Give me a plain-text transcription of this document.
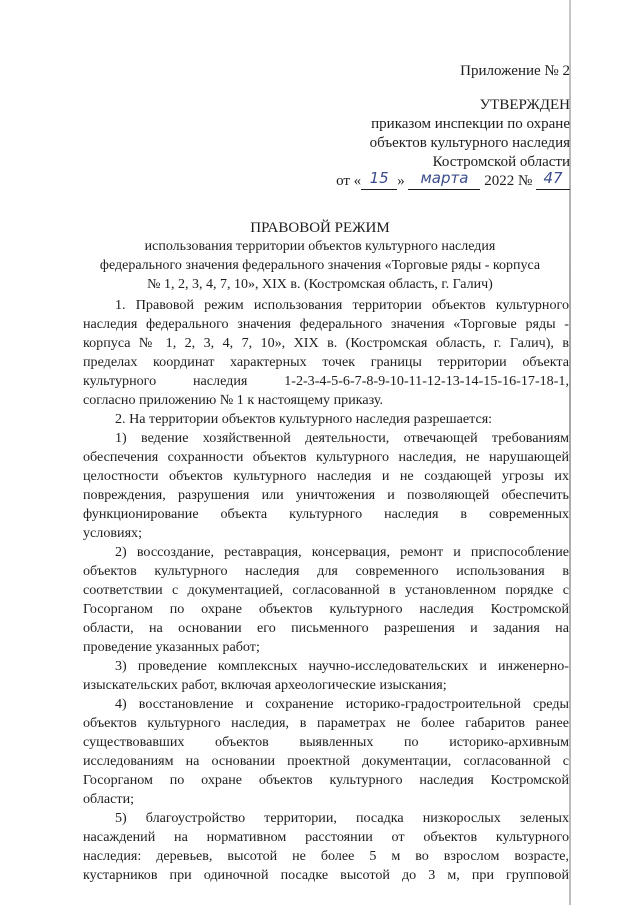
Приложение № 2
УТВЕРЖДЕН
приказом инспекции по охране
объектов культурного наследия
Костромской области
от « 15 » марта 2022 № 47
ПРАВОВОЙ РЕЖИМ
использования территории объектов культурного наследия
федерального значения федерального значения «Торговые ряды - корпуса
№ 1, 2, 3, 4, 7, 10», XIX в. (Костромская область, г. Галич)
1. Правовой режим использования территории объектов культурного
наследия федерального значения федерального значения «Торговые ряды -
корпуса № 1, 2, 3, 4, 7, 10», XIX в. (Костромская область, г. Галич), в
пределах координат характерных точек границы территории объекта
культурного наследия 1-2-3-4-5-6-7-8-9-10-11-12-13-14-15-16-17-18-1,
согласно приложению № 1 к настоящему приказу.
2. На территории объектов культурного наследия разрешается:
1) ведение хозяйственной деятельности, отвечающей требованиям
обеспечения сохранности объектов культурного наследия, не нарушающей
целостности объектов культурного наследия и не создающей угрозы их
повреждения, разрушения или уничтожения и позволяющей обеспечить
функционирование объекта культурного наследия в современных
условиях;
2) воссоздание, реставрация, консервация, ремонт и приспособление
объектов культурного наследия для современного использования в
соответствии с документацией, согласованной в установленном порядке с
Госорганом по охране объектов культурного наследия Костромской
области, на основании его письменного разрешения и задания на
проведение указанных работ;
3) проведение комплексных научно-исследовательских и инженерно-
изыскательских работ, включая археологические изыскания;
4) восстановление и сохранение историко-градостроительной среды
объектов культурного наследия, в параметрах не более габаритов ранее
существовавших объектов выявленных по историко-архивным
исследованиям на основании проектной документации, согласованной с
Госорганом по охране объектов культурного наследия Костромской
области;
5) благоустройство территории, посадка низкорослых зеленых
насаждений на нормативном расстоянии от объектов культурного
наследия: деревьев, высотой не более 5 м во взрослом возрасте,
кустарников при одиночной посадке высотой до 3 м, при групповой
